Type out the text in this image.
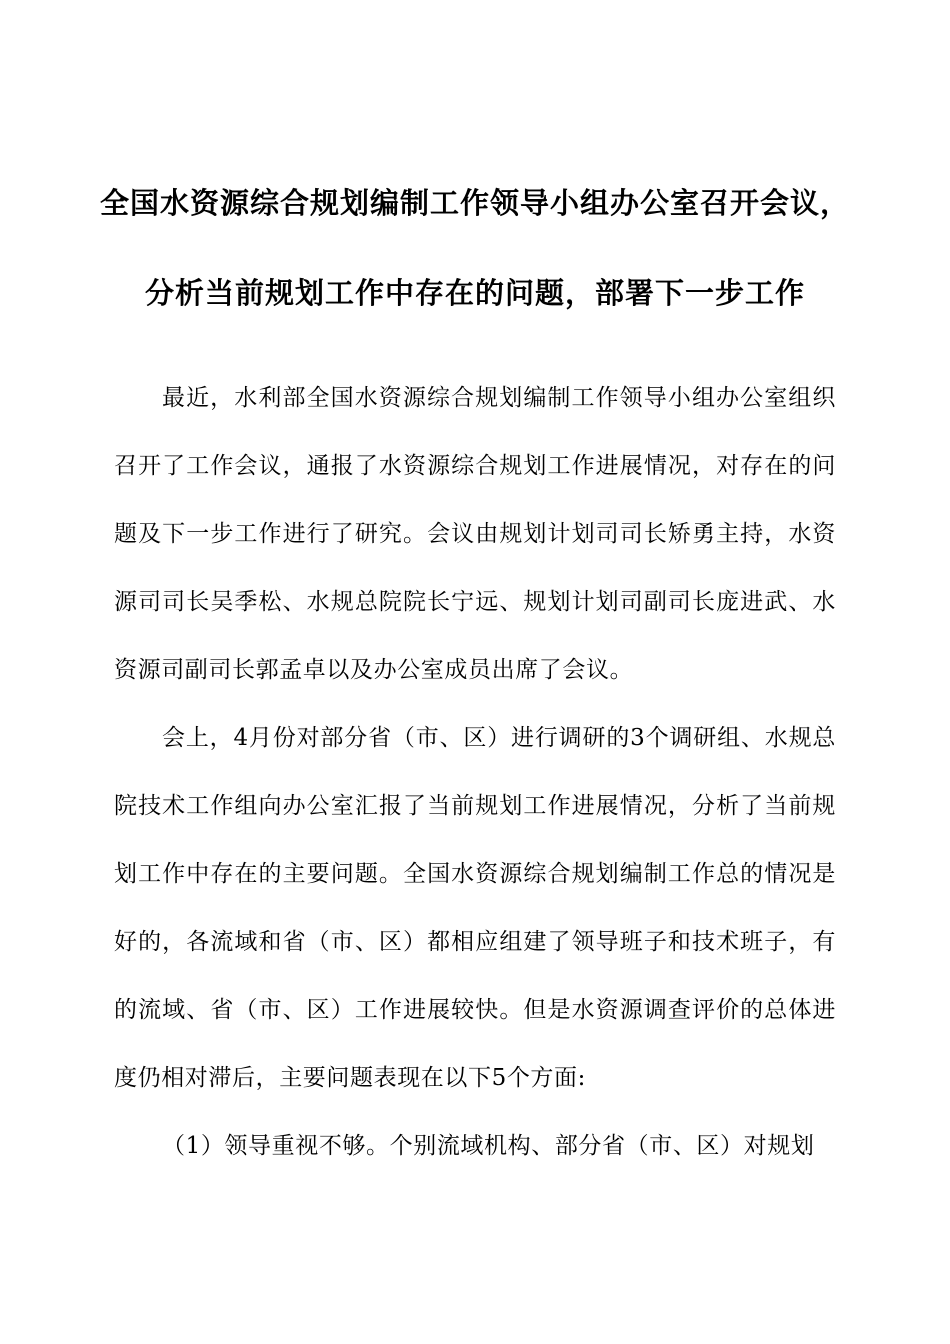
全国水资源综合规划编制工作领导小组办公室召开会议，
分析当前规划工作中存在的问题，部署下一步工作

最近，水利部全国水资源综合规划编制工作领导小组办公室组织召开了工作会议，通报了水资源综合规划工作进展情况，对存在的问题及下一步工作进行了研究。会议由规划计划司司长矫勇主持，水资源司司长吴季松、水规总院院长宁远、规划计划司副司长庞进武、水资源司副司长郭孟卓以及办公室成员出席了会议。

会上，4月份对部分省（市、区）进行调研的3个调研组、水规总院技术工作组向办公室汇报了当前规划工作进展情况，分析了当前规划工作中存在的主要问题。全国水资源综合规划编制工作总的情况是好的，各流域和省（市、区）都相应组建了领导班子和技术班子，有的流域、省（市、区）工作进展较快。但是水资源调查评价的总体进度仍相对滞后，主要问题表现在以下5个方面:

（1）领导重视不够。个别流域机构、部分省（市、区）对规划
